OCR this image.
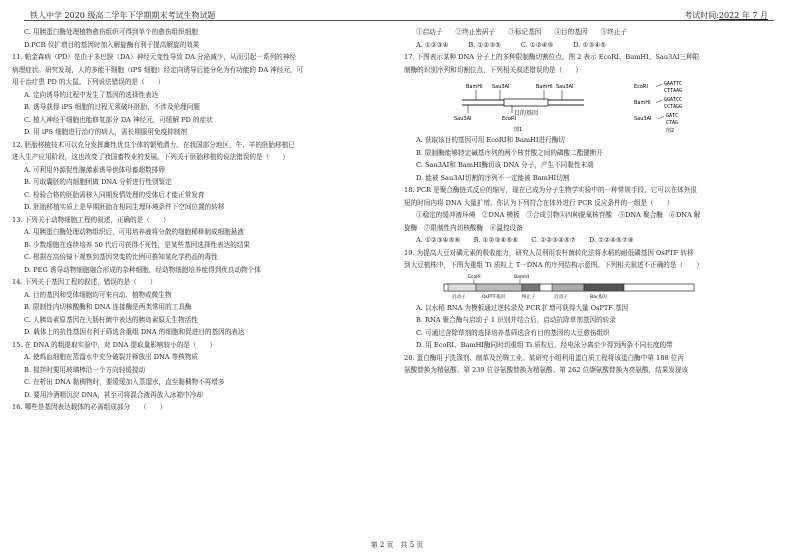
铁人中学 2020 级高二学年下学期期末考试生物试题	考试时间:2022 年 7 月

C. 用胰蛋白酶处理植物愈伤组织可得到单个的愈伤组织细胞

D.PCR 仪扩增目的基因时加入解旋酶有利于提高解旋的效果

11. 帕金森病（PD）是由于多巴胺（DA）神经元变性导致 DA 分泌减少，从而引起一系列的神经

病理症状。研究发现，人的多能干细胞（iPS 细胞）经定向诱导后能分化为有功能的 DA 神经元，可

用于治疗患 PD 的大鼠。下列说法错误的是（　　）

A. 定向诱导的过程中发生了基因的选择性表达

B. 诱导获得 iPS 细胞的过程无须破坏胚胎，不涉及伦理问题

C. 植入神经干细胞也能修复部分 DA 神经元，可缓解 PD 的症状

D. 用 iPS 细胞进行治疗的病人，需长期服用免疫抑制剂

12. 胚胎移植技术可以充分发挥雌性优良个体的繁殖潜力。在我国部分地区，牛、羊的胚胎移植已

进入生产应用阶段，这也改变了我国畜牧业的发展。下列关于胚胎移植的说法错误的是（　　）

A. 可利用外源促性腺激素诱导供体母畜超数排卵

B. 可取囊胚的内细胞团做 DNA 分析进行性别鉴定

C. 检验合格的胚胎需移入同期发情处理的受体后才能正常发育

D. 胚胎移植实质上是早期胚胎在相同生理环境条件下空间位置的转移

13. 下列关于动物细胞工程的叙述，正确的是（　　）

A. 用胰蛋白酶处理动物组织后，可用培养液将分散的细胞稀释制成细胞悬液

B. 少数细胞在连续培养 50 代后可获得不死性，是某些基因选择性表达的结果

C. 根据在高倍镜下观察到基因突变的比例可推知某化学药品的毒性

D. PEG 诱导动物细胞融合形成的杂种细胞，经动物细胞培养能得到优良动物个体

14. 下列关于基因工程的叙述，错误的是（　　）

A. 目的基因和受体细胞均可来自动、植物或微生物

B. 限制性内切核酸酶和 DNA 连接酶是两类常用的工具酶

C. 人胰岛素原基因在大肠杆菌中表达的胰岛素原无生物活性

D. 载体上的抗性基因有利于筛选含重组 DNA 的细胞和促进目的基因的表达

15. 在 DNA 的粗提取实验中，对 DNA 提取量影响较小的是（　　）

A. 使鸡血细胞在蒸馏水中充分破裂并释放出 DNA 等核物质

B. 搅拌时要用玻璃棒沿一个方向轻缓搅动

C. 在析出 DNA 黏稠物时，要缓缓加入蒸馏水，直至黏稠物不再增多

D. 要用冷酒精沉淀 DNA，甚至可将混合液再放入冰箱中冷却

16. 哪些是基因表达载体的必需组成部分　　（　　）

①启动子　　②终止密码子　　③标记基因　　④目的基因　　⑤终止子

A. ①②③④　　　B. ①②③⑤　　　C. ①②④⑤　　　D. ①③④⑤

17. 下图表示某种 DNA 分子上的多种限制酶切割位点，图 2 表示 EcoRⅠ、BamHⅠ、Sau3AⅠ三种限

制酶的识别序列和切割位点，下列相关叙述错误的是（　　）

BamHI Sau3AI	BamHI Sau3AI
Sau3AI	EcoRI
目的基因
图1
EcoRI	GAATTC
CTTAAG
BamHI	GGATCC
CCTAGG
Sau3AI	GATC
CTAG
图2

A. 获取该目的基因可用 EcoRⅠ和 BamHⅠ进行酶切

B. 限制酶能够特定碱基序列的两个核苷酸之间的磷酸二酯键断开

C. Sau3AⅠ和 BamHⅠ酶切该 DNA 分子，产生不同黏性末端

D. 能被 Sau3AⅠ切割的序列不一定能被 BamHⅠ切割

18. PCR 是聚合酶链式反应的缩写，现在已成为分子生物学实验中的一种常规手段，它可以在体外很

短的时间内将 DNA 大量扩增。你认为下列符合在体外进行 PCR 反应条件的一组是（　　）

①稳定的缓冲液环境　②DNA 模板　③合成引物④四种脱氧核苷酸　⑤DNA 聚合酶　⑥DNA 解

旋酶　⑦限制性内切核酸酶　⑧温控设备

A. ①②③④⑤⑥　　B. ①②③④⑤⑧　　C. ①②③④⑤⑦　　D. ①②④⑤⑦⑧

19. 为提高大豆对磷元素的吸收能力，研究人员利用农杆菌转化法将水稻的耐低磷基因 OsPTF 转移

到大豆植株中，下图为重组 Ti 质粒上 T一DNA 的序列结构示意图。下列相关叙述不正确的是（　　）

EcoRI	BamHI
启动子	OsPTF基因	终止子	启动子	Bar基因

A. 以水稻 RNA 为模板通过逆转录及 PCR 扩增可获得大量 OsPTF 基因

B. RNA 聚合酶与启动子 1 识别并结合后，启动抗除草剂基因的转录

C. 可通过含除草剂的选择培养基筛选含有目的基因的大豆愈伤组织

D. 用 EcoRⅠ、BamHⅠ酶同时切重组 Ti 质粒后，经电泳分离至少得到两条不同长度的带

20. 蛋白酶用于洗涤剂、制革及丝绸工业。某研究小组利用蛋白质工程将该蛋白酶中第 188 位丙

氨酸替换为精氨酸、第 239 位谷氨酸替换为精氨酸、第 262 位缬氨酸替换为亮氨酸，结果发现该

第 2 页　共 5 页
